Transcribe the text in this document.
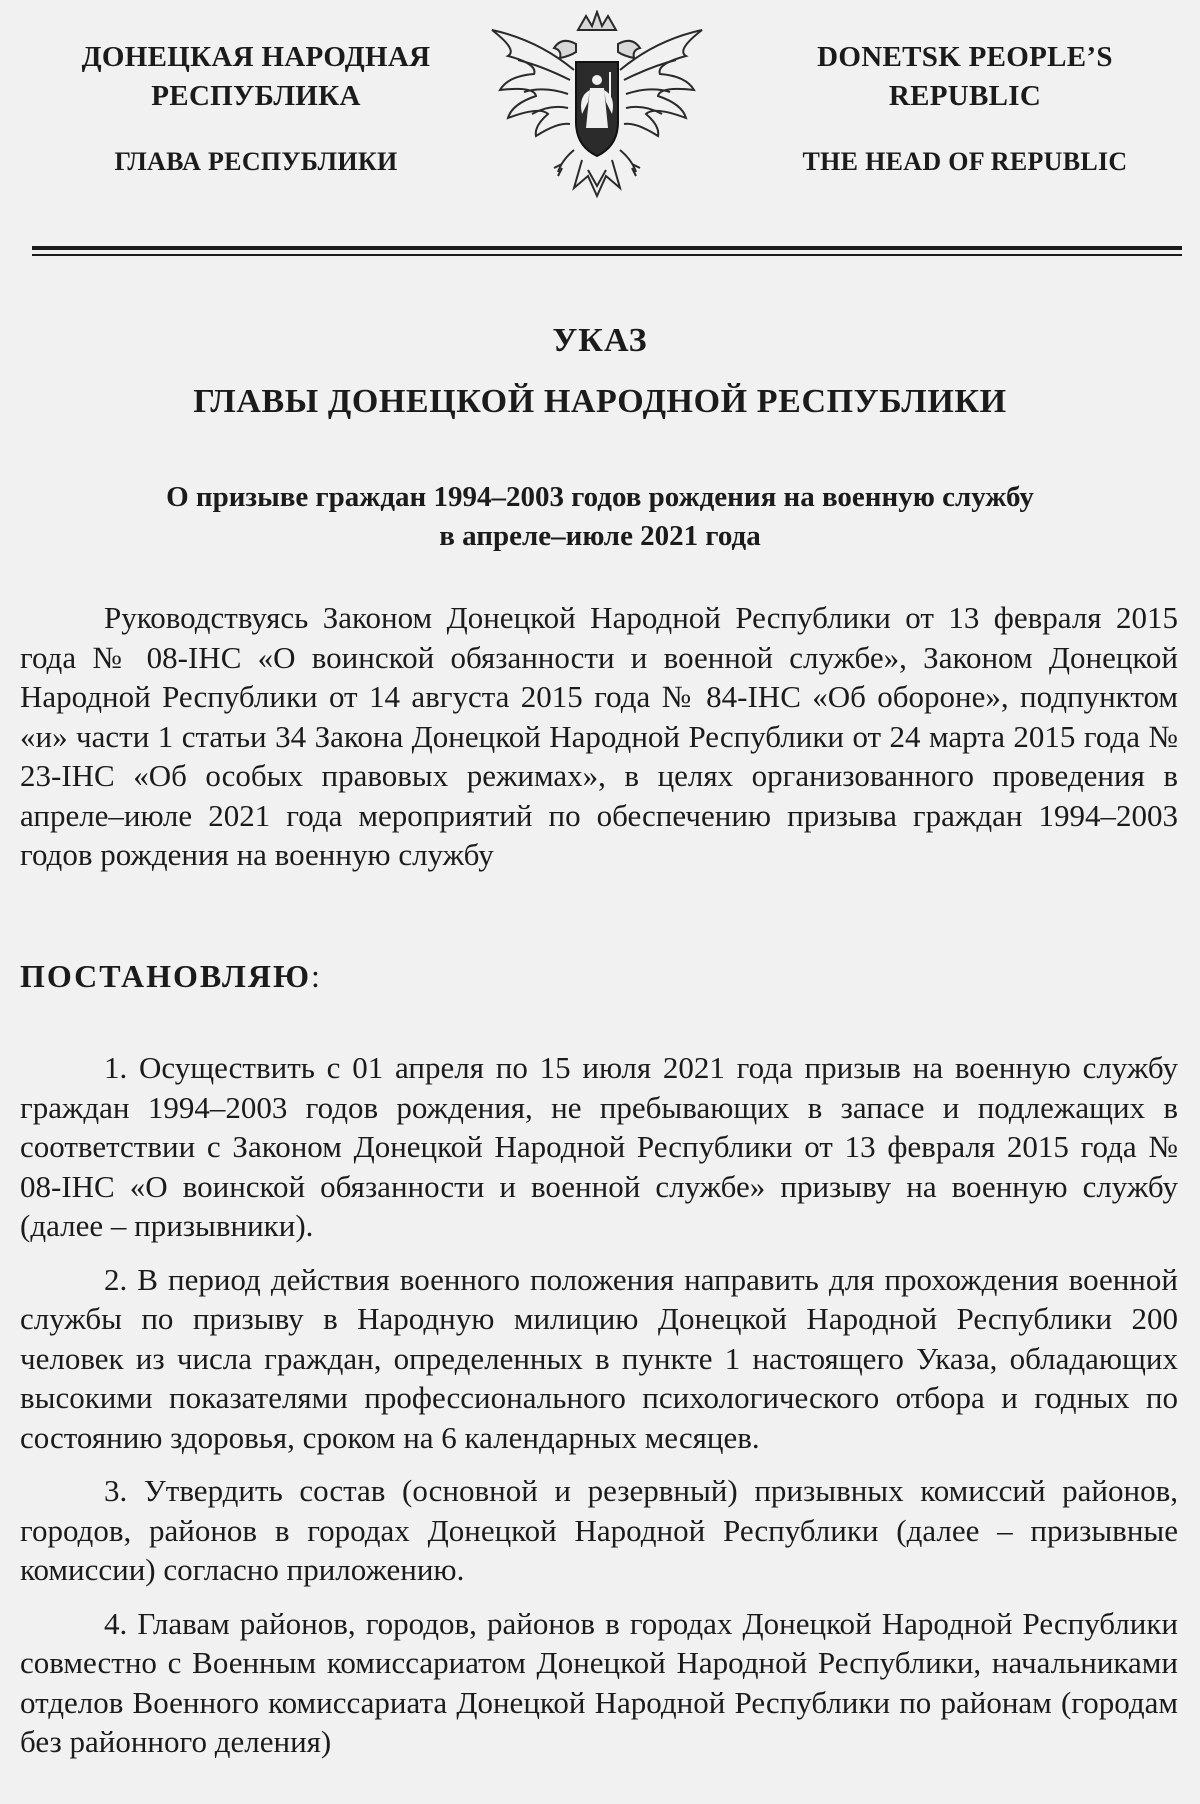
ДОНЕЦКАЯ НАРОДНАЯ
РЕСПУБЛИКА
ГЛАВА РЕСПУБЛИКИ
DONETSK PEOPLE’S
REPUBLIC
THE HEAD OF REPUBLIC
УКАЗ
ГЛАВЫ ДОНЕЦКОЙ НАРОДНОЙ РЕСПУБЛИКИ
О призыве граждан 1994–2003 годов рождения на военную службу
в апреле–июле 2021 года

Руководствуясь Законом Донецкой Народной Республики от 13 февраля 2015 года № 08-IНС «О воинской обязанности и военной службе», Законом Донецкой Народной Республики от 14 августа 2015 года № 84-IНС «Об обороне», подпунктом «и» части 1 статьи 34 Закона Донецкой Народной Республики от 24 марта 2015 года № 23-IНС «Об особых правовых режимах», в целях организованного проведения в апреле–июле 2021 года мероприятий по обеспечению призыва граждан 1994–2003 годов рождения на военную службу

ПОСТАНОВЛЯЮ:

1. Осуществить с 01 апреля по 15 июля 2021 года призыв на военную службу граждан 1994–2003 годов рождения, не пребывающих в запасе и подлежащих в соответствии с Законом Донецкой Народной Республики от 13 февраля 2015 года № 08-IНС «О воинской обязанности и военной службе» призыву на военную службу (далее – призывники).

2. В период действия военного положения направить для прохождения военной службы по призыву в Народную милицию Донецкой Народной Республики 200 человек из числа граждан, определенных в пункте 1 настоящего Указа, обладающих высокими показателями профессионального психологического отбора и годных по состоянию здоровья, сроком на 6 календарных месяцев.

3. Утвердить состав (основной и резервный) призывных комиссий районов, городов, районов в городах Донецкой Народной Республики (далее – призывные комиссии) согласно приложению.

4. Главам районов, городов, районов в городах Донецкой Народной Республики совместно с Военным комиссариатом Донецкой Народной Республики, начальниками отделов Военного комиссариата Донецкой Народной Республики по районам (городам без районного деления)
